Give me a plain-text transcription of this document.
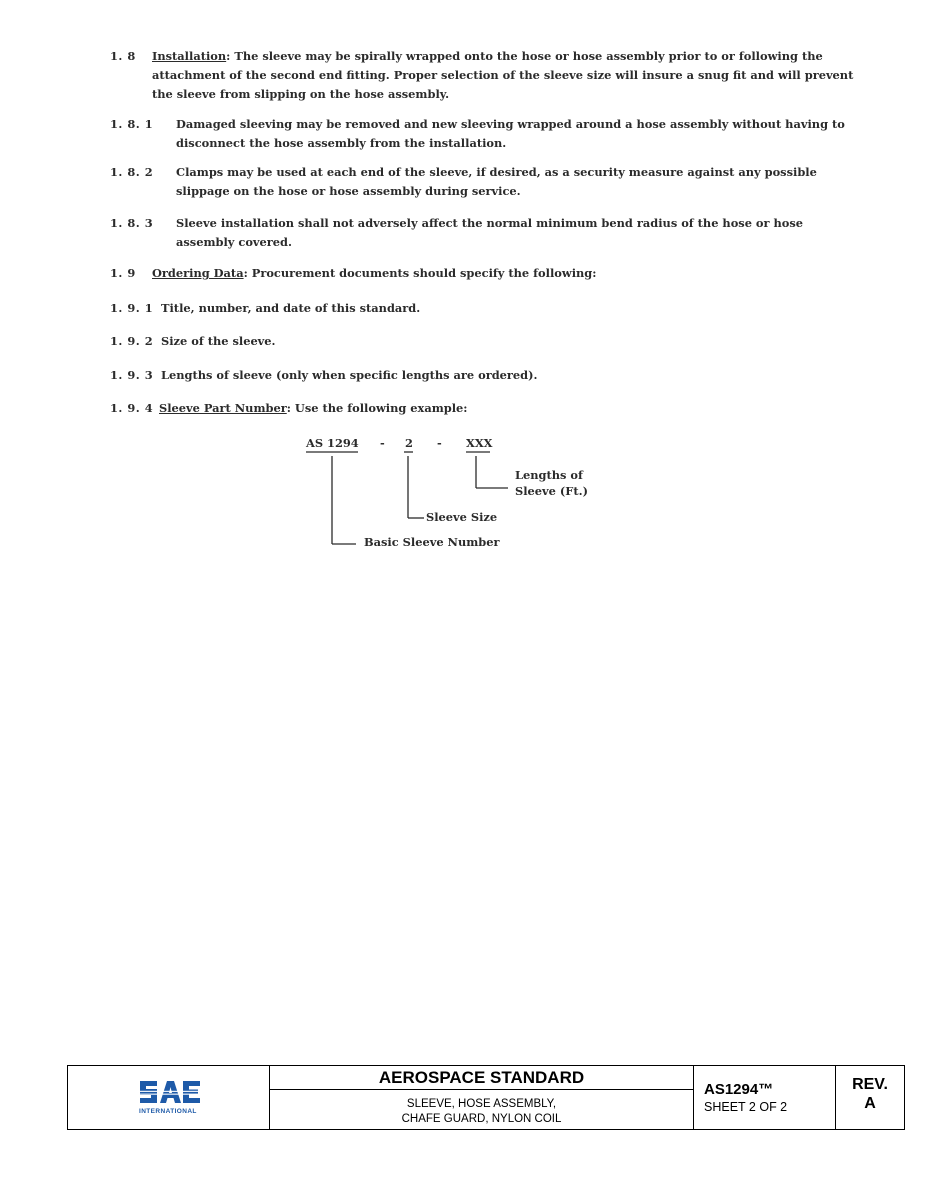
1. 8 Installation: The sleeve may be spirally wrapped onto the hose or hose assembly prior to or following the attachment of the second end fitting. Proper selection of the sleeve size will insure a snug fit and will prevent the sleeve from slipping on the hose assembly.
1. 8. 1	Damaged sleeving may be removed and new sleeving wrapped around a hose assembly without having to disconnect the hose assembly from the installation.
1. 8. 2	Clamps may be used at each end of the sleeve, if desired, as a security measure against any possible slippage on the hose or hose assembly during service.
1. 8. 3	Sleeve installation shall not adversely affect the normal minimum bend radius of the hose or hose assembly covered.
1. 9 Ordering Data: Procurement documents should specify the following:
1. 9. 1 Title, number, and date of this standard.
1. 9. 2 Size of the sleeve.
1. 9. 3 Lengths of sleeve (only when specific lengths are ordered).
1. 9. 4 Sleeve Part Number: Use the following example:
AS 1294 - 2 - XXX
Lengths of
Sleeve (Ft.)
Sleeve Size
Basic Sleeve Number
INTERNATIONAL
AEROSPACE STANDARD
SLEEVE, HOSE ASSEMBLY,
CHAFE GUARD, NYLON COIL
AS1294™
SHEET 2 OF 2
REV.
A
